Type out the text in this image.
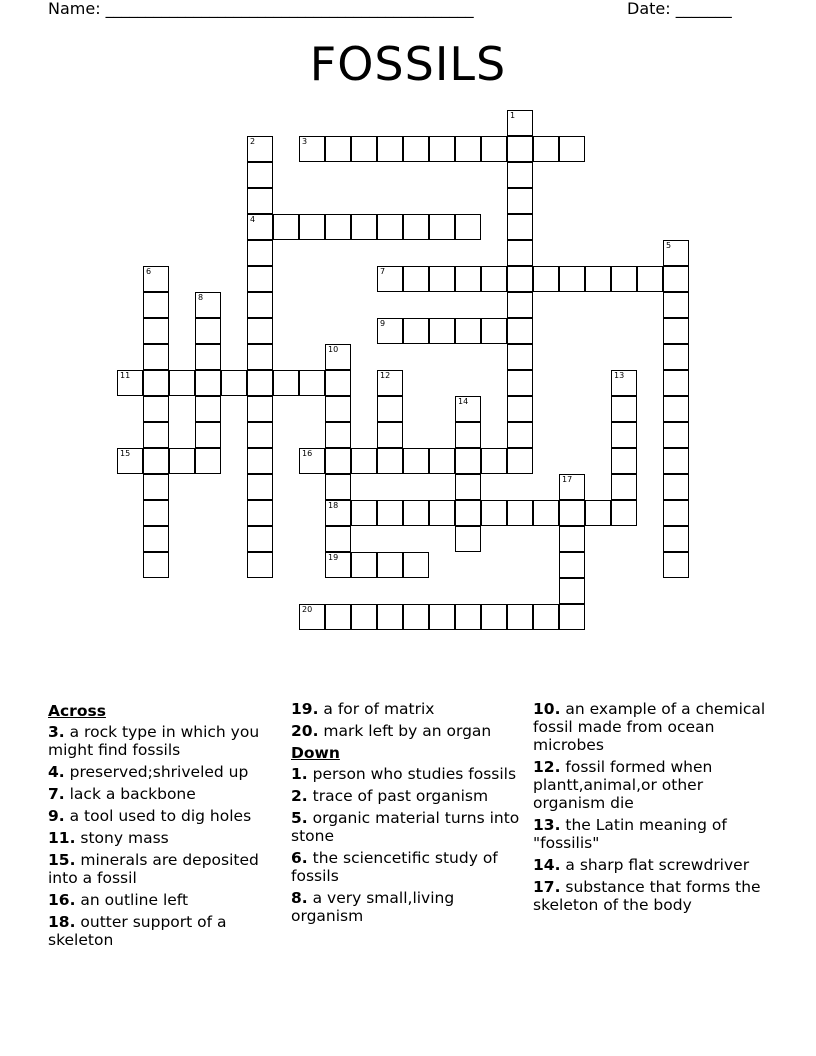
Name: ______________________________________________	Date: _______
FOSSILS
1
2
4
3
5
6	7
8
9
10
18
19
11	12	13
14
15	16
17
20
Across
3. a rock type in which you might find fossils
4. preserved;shriveled up
7. lack a backbone
9. a tool used to dig holes
11. stony mass
15. minerals are deposited into a fossil
16. an outline left
18. outter support of a skeleton
19. a for of matrix
20. mark left by an organ
Down
1. person who studies fossils
2. trace of past organism
5. organic material turns into stone
6. the sciencetific study of fossils
8. a very small,living organism
10. an example of a chemical fossil made from ocean microbes
12. fossil formed when plantt,animal,or other organism die
13. the Latin meaning of "fossilis"
14. a sharp flat screwdriver
17. substance that forms the skeleton of the body
